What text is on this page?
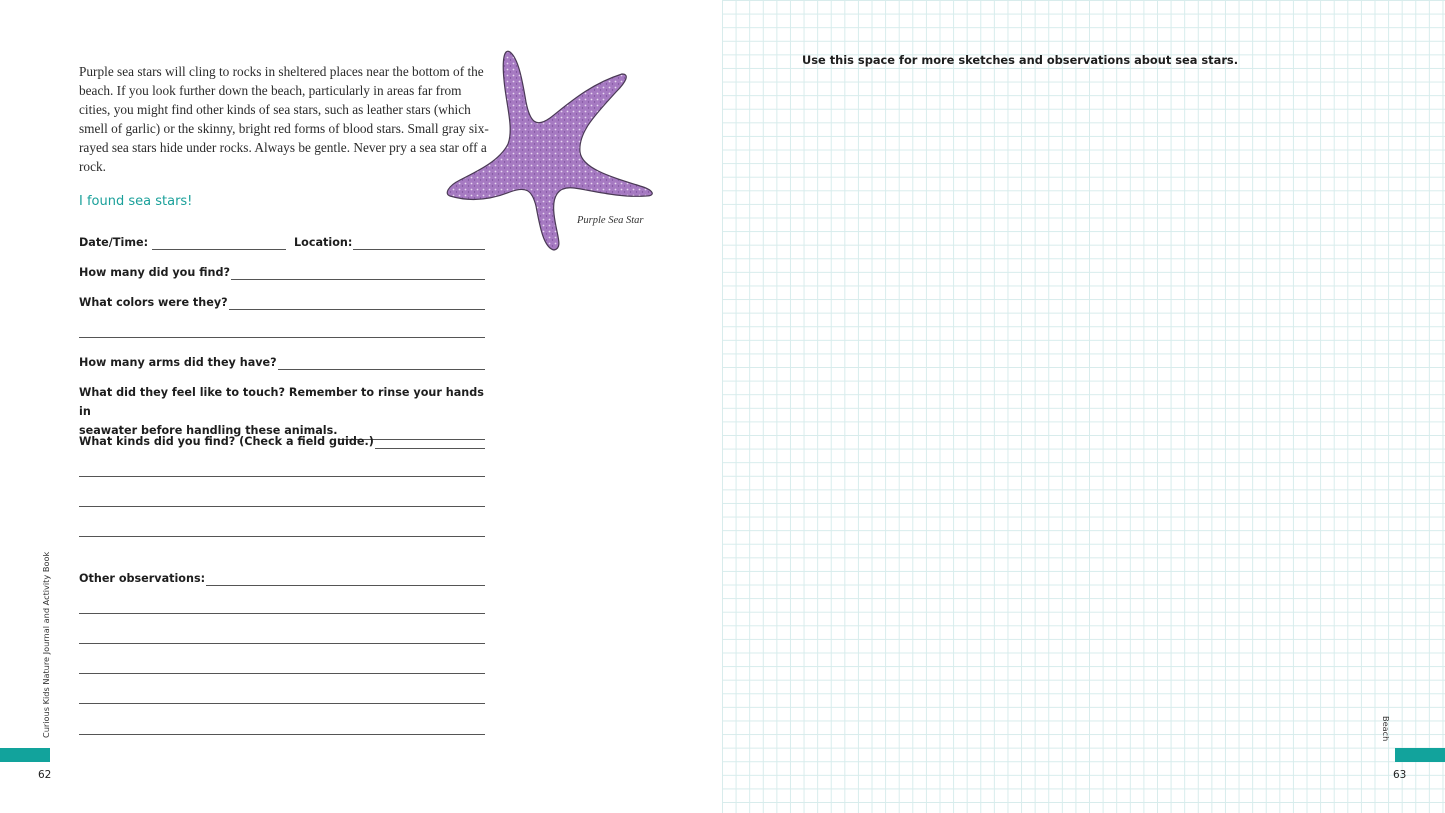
Purple sea stars will cling to rocks in sheltered places near the bottom of the beach. If you look further down the beach, particularly in areas far from cities, you might find other kinds of sea stars, such as leather stars (which smell of garlic) or the skinny, bright red forms of blood stars. Small gray six-rayed sea stars hide under rocks. Always be gentle. Never pry a sea star off a rock.

I found sea stars!
Date/Time:	Location:
How many did you find?
What colors were they?
How many arms did they have?
What did they feel like to touch? Remember to rinse your hands in
seawater before handling these animals.
What kinds did you find? (Check a field guide.)
Other observations:
Purple Sea Star
Curious Kids Nature Journal and Activity Book
62
Use this space for more sketches and observations about sea stars.
Beach
63
